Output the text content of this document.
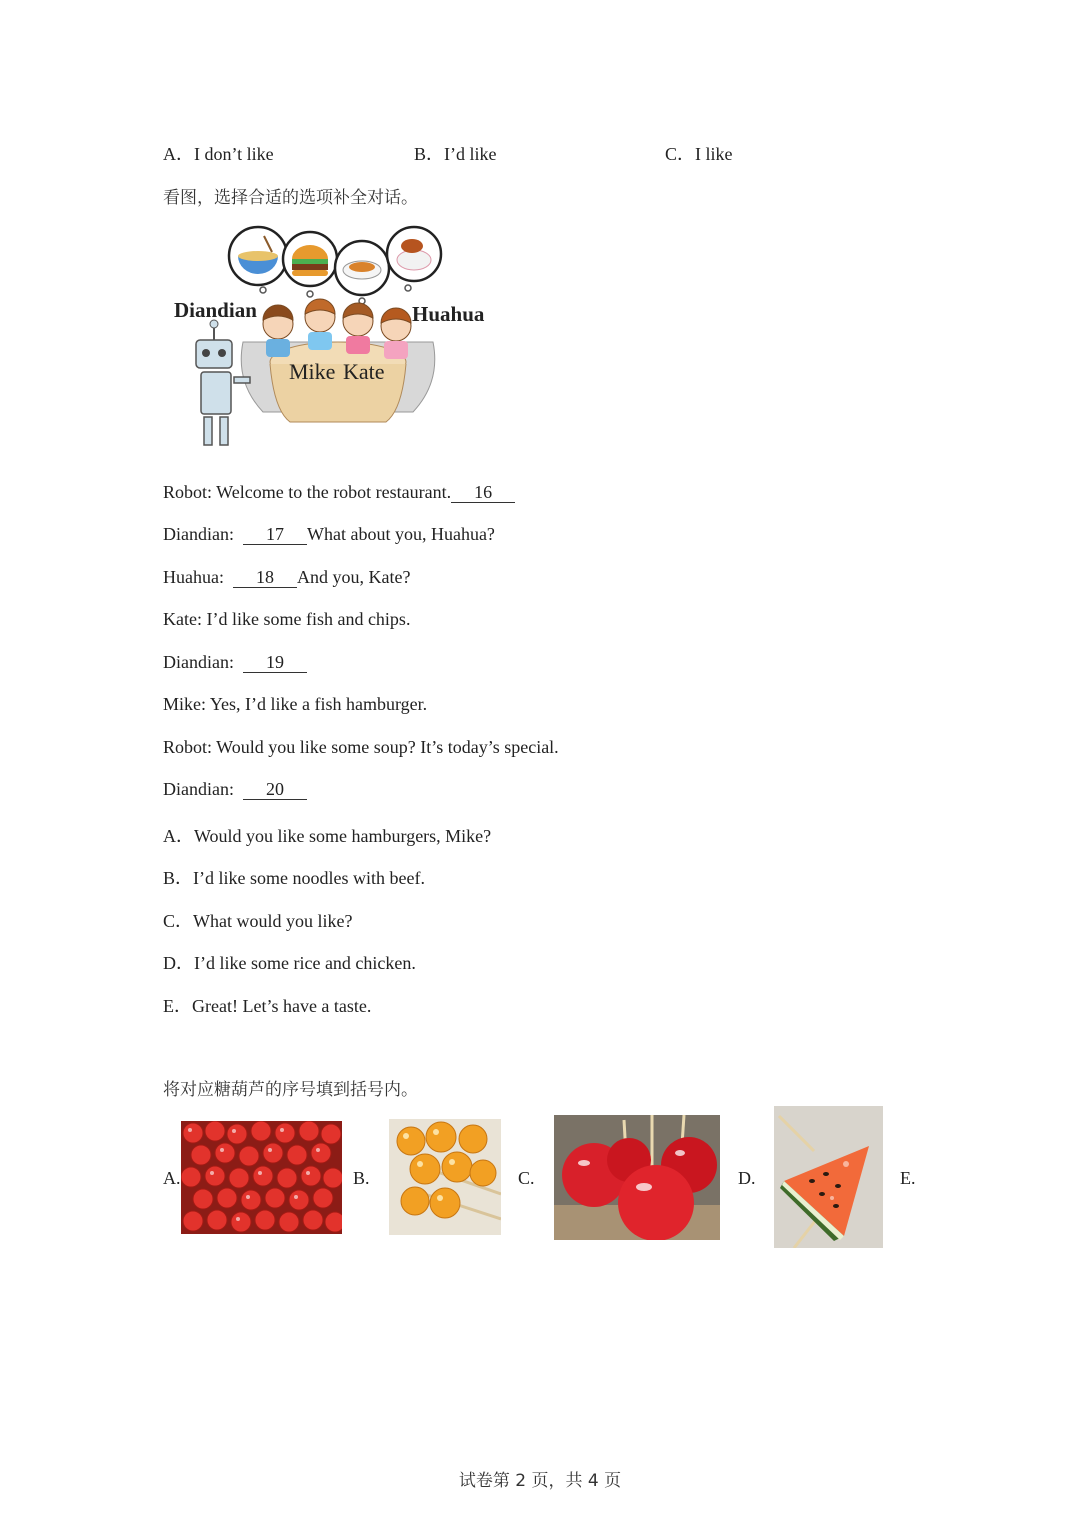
A．I don’t like	B．I’d like	C．I like
看图，选择合适的选项补全对话。
Diandian	Huahua
Mike Kate
Robot: Welcome to the robot restaurant. 16
Diandian: 17 What about you, Huahua?
Huahua: 18 And you, Kate?
Kate: I’d like some fish and chips.
Diandian: 19
Mike: Yes, I’d like a fish hamburger.
Robot: Would you like some soup? It’s today’s special.
Diandian: 20
A．Would you like some hamburgers, Mike?
B．I’d like some noodles with beef.
C．What would you like?
D．I’d like some rice and chicken.
E．Great! Let’s have a taste.
将对应糖葫芦的序号填到括号内。
A.	B.	C.	D.	E.
试卷第 2 页，共 4 页
